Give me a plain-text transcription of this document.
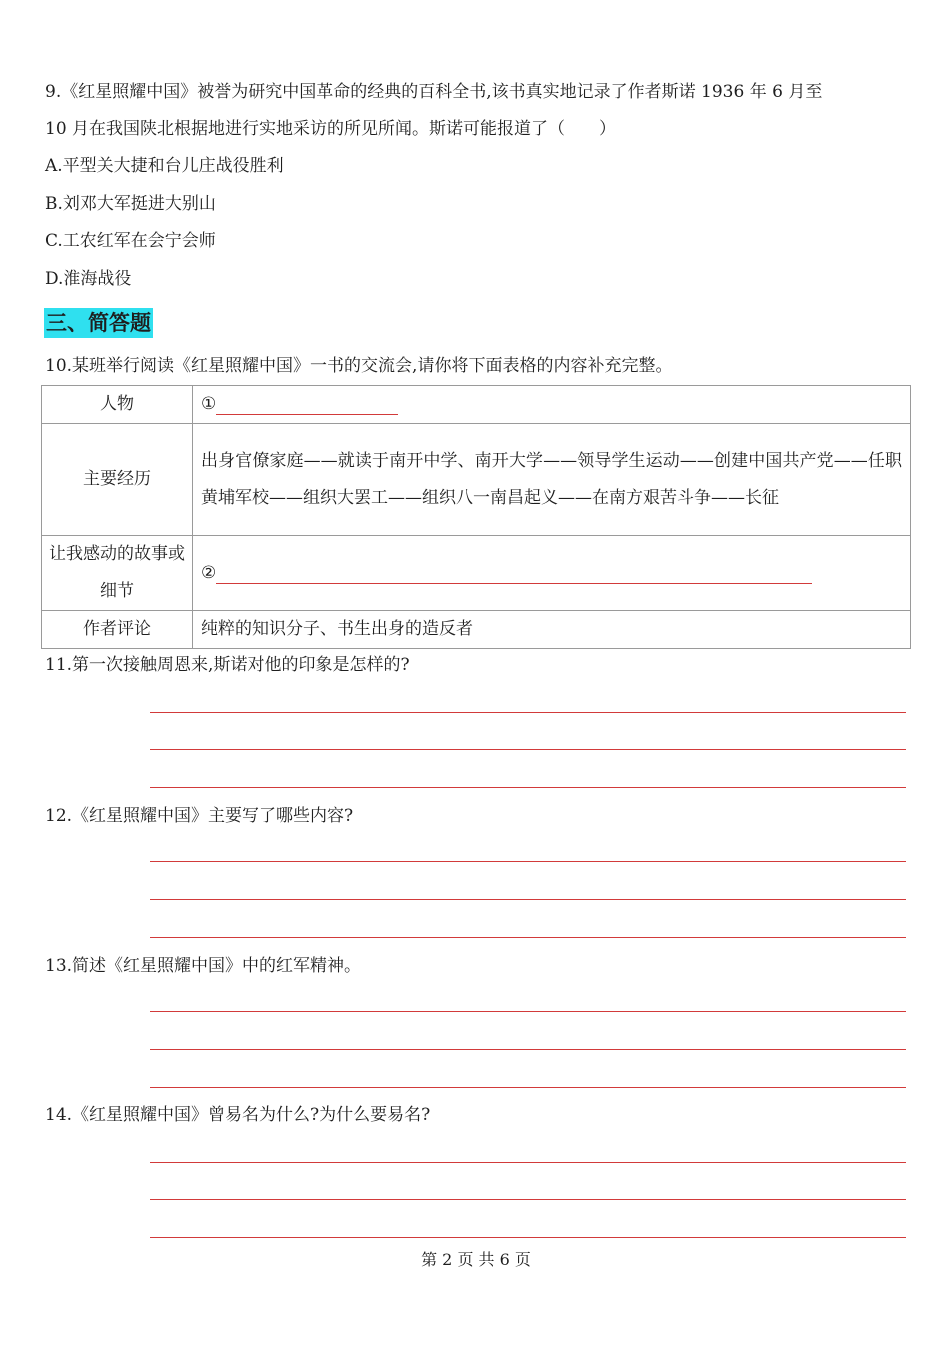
9.《红星照耀中国》被誉为研究中国革命的经典的百科全书,该书真实地记录了作者斯诺 1936 年 6 月至
10 月在我国陕北根据地进行实地采访的所见所闻。斯诺可能报道了（　　）
A.平型关大捷和台儿庄战役胜利
B.刘邓大军挺进大别山
C.工农红军在会宁会师
D.淮海战役
三、简答题
10.某班举行阅读《红星照耀中国》一书的交流会,请你将下面表格的内容补充完整。
人物	①
主要经历	出身官僚家庭——就读于南开中学、南开大学——领导学生运动——创建中国共产党——任职黄埔军校——组织大罢工——组织八一南昌起义——在南方艰苦斗争——长征
让我感动的故事或细节	②
作者评论	纯粹的知识分子、书生出身的造反者
11.第一次接触周恩来,斯诺对他的印象是怎样的?
12.《红星照耀中国》主要写了哪些内容?
13.简述《红星照耀中国》中的红军精神。
14.《红星照耀中国》曾易名为什么?为什么要易名?
第 2 页 共 6 页
